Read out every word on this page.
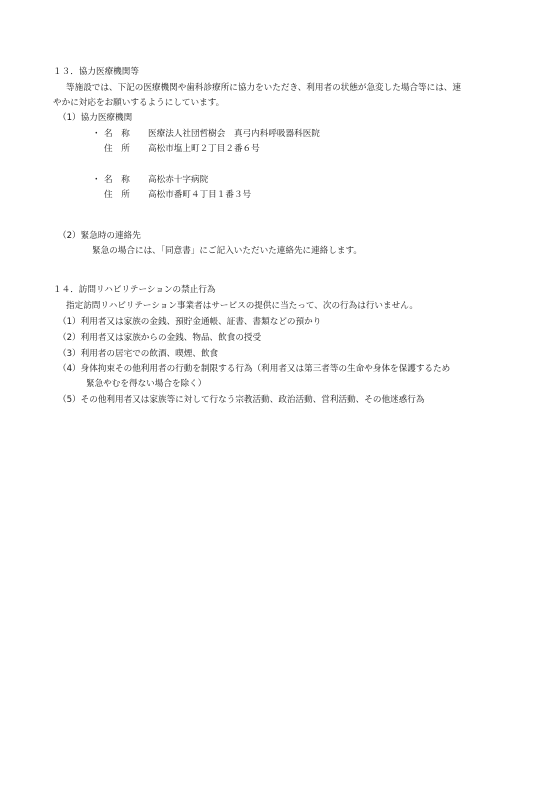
１３．協力医療機関等
等施設では、下記の医療機関や歯科診療所に協力をいただき、利用者の状態が急変した場合等には、速
やかに対応をお願いするようにしています。
（1）協力医療機関
・ 名　称 医療法人社団哲樹会　真弓内科呼吸器科医院
住　所 高松市塩上町２丁目２番６号
・ 名　称 高松赤十字病院
住　所 高松市番町４丁目１番３号
（2）緊急時の連絡先
緊急の場合には、「同意書」にご記入いただいた連絡先に連絡します。
１４．訪問リハビリテーションの禁止行為
指定訪問リハビリテーション事業者はサービスの提供に当たって、次の行為は行いません。
（1）利用者又は家族の金銭、預貯金通帳、証書、書類などの預かり
（2）利用者又は家族からの金銭、物品、飲食の授受
（3）利用者の居宅での飲酒、喫煙、飲食
（4）身体拘束その他利用者の行動を制限する行為（利用者又は第三者等の生命や身体を保護するため
緊急やむを得ない場合を除く）
（5）その他利用者又は家族等に対して行なう宗教活動、政治活動、営利活動、その他迷惑行為
